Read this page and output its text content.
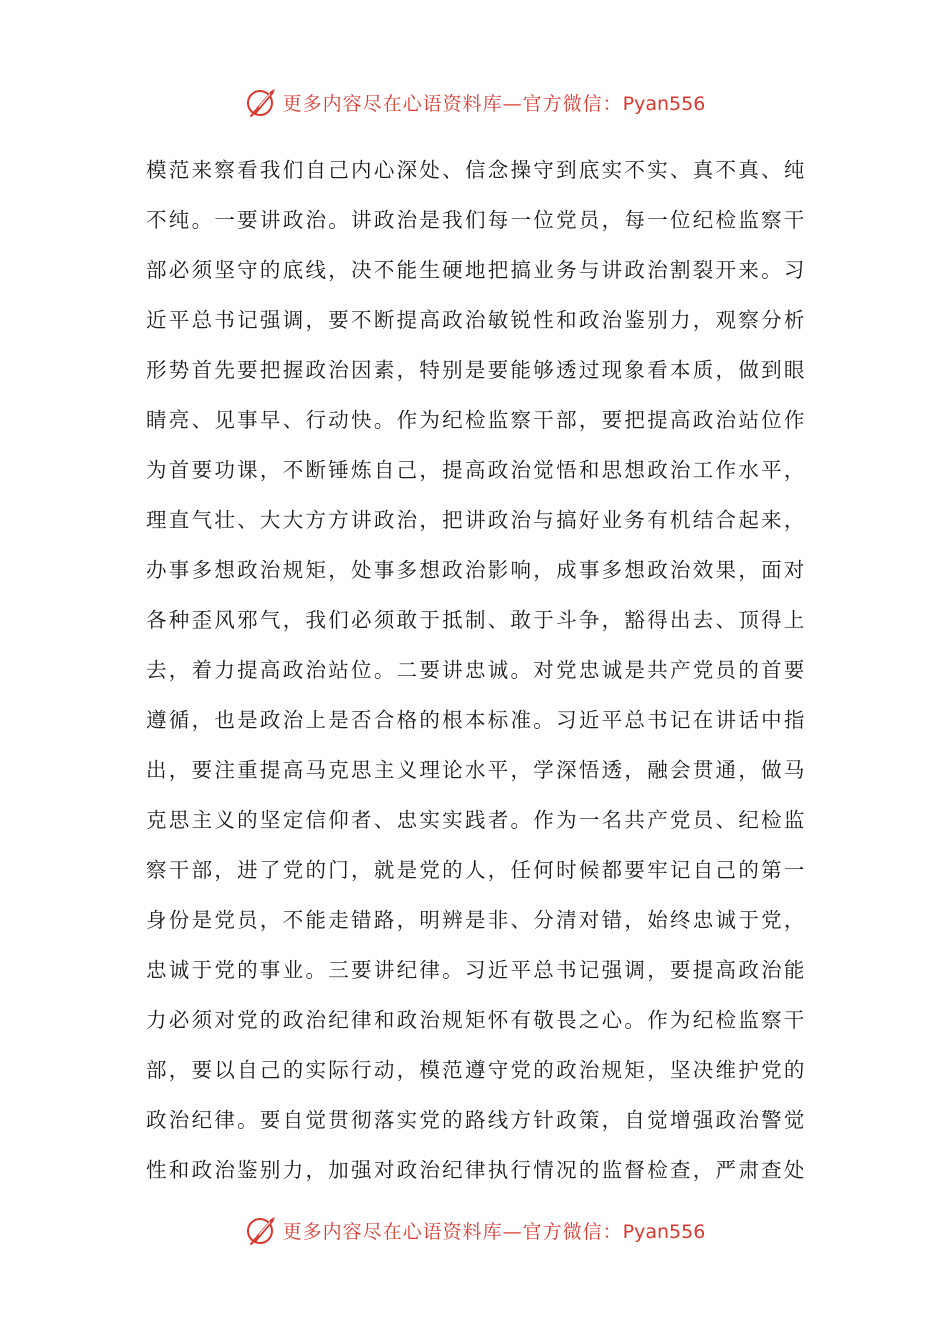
更多内容尽在心语资料库—官方微信：Pyan556
模范来察看我们自己内心深处、信念操守到底实不实、真不真、纯
不纯。一要讲政治。讲政治是我们每一位党员，每一位纪检监察干
部必须坚守的底线，决不能生硬地把搞业务与讲政治割裂开来。习
近平总书记强调，要不断提高政治敏锐性和政治鉴别力，观察分析
形势首先要把握政治因素，特别是要能够透过现象看本质，做到眼
睛亮、见事早、行动快。作为纪检监察干部，要把提高政治站位作
为首要功课，不断锤炼自己，提高政治觉悟和思想政治工作水平，
理直气壮、大大方方讲政治，把讲政治与搞好业务有机结合起来，
办事多想政治规矩，处事多想政治影响，成事多想政治效果，面对
各种歪风邪气，我们必须敢于抵制、敢于斗争，豁得出去、顶得上
去，着力提高政治站位。二要讲忠诚。对党忠诚是共产党员的首要
遵循，也是政治上是否合格的根本标准。习近平总书记在讲话中指
出，要注重提高马克思主义理论水平，学深悟透，融会贯通，做马
克思主义的坚定信仰者、忠实实践者。作为一名共产党员、纪检监
察干部，进了党的门，就是党的人，任何时候都要牢记自己的第一
身份是党员，不能走错路，明辨是非、分清对错，始终忠诚于党，
忠诚于党的事业。三要讲纪律。习近平总书记强调，要提高政治能
力必须对党的政治纪律和政治规矩怀有敬畏之心。作为纪检监察干
部，要以自己的实际行动，模范遵守党的政治规矩，坚决维护党的
政治纪律。要自觉贯彻落实党的路线方针政策，自觉增强政治警觉
性和政治鉴别力，加强对政治纪律执行情况的监督检查，严肃查处
更多内容尽在心语资料库—官方微信：Pyan556
